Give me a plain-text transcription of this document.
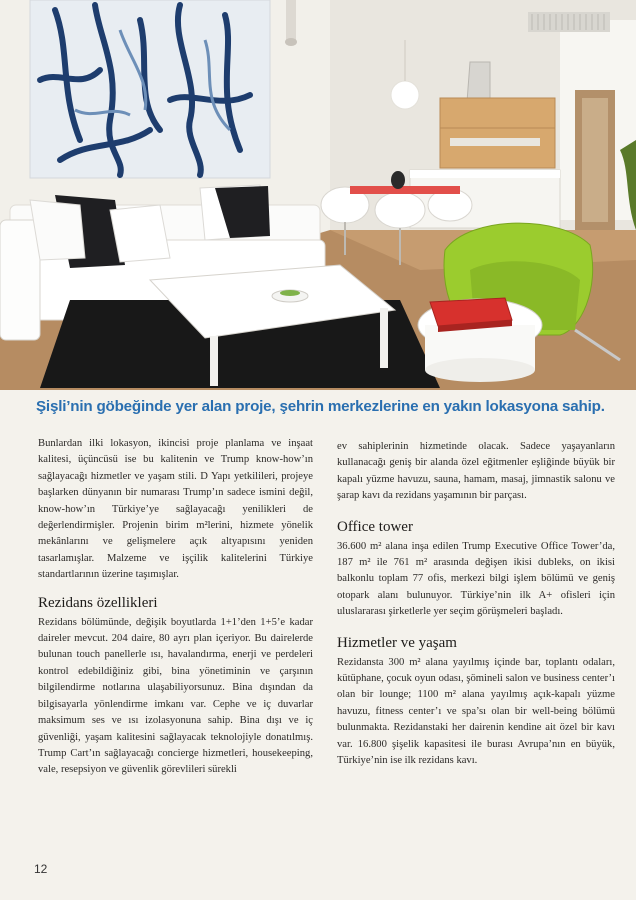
Şişli’nin göbeğinde yer alan proje, şehrin merkezlerine en yakın lokasyona sahip.

Bunlardan ilki lokasyon, ikincisi proje planlama ve inşaat kalitesi, üçüncüsü ise bu kalitenin ve Trump know-how’ın sağlayacağı hizmetler ve yaşam stili. D Yapı yetkilileri, projeye başlarken dünyanın bir numarası Trump’ın sadece ismini değil, know-how’ın Türkiye’ye sağlayacağı yenilikleri de değerlendirmişler. Projenin birim m²lerini, hizmete yönelik mekânlarını ve gelişmelere açık altyapısını yeniden tasarlamışlar. Malzeme ve işçilik kalitelerini Türkiye standartlarının üzerine taşımışlar.

Rezidans özellikleri

Rezidans bölümünde, değişik boyutlarda 1+1’den 1+5’e kadar daireler mevcut. 204 daire, 80 ayrı plan içeriyor. Bu dairelerde bulunan touch panellerle ısı, havalandırma, enerji ve perdeleri kontrol edebildiğiniz gibi, bina yönetiminin ve çarşının bilgilendirme notlarına ulaşabiliyorsunuz. Bina dışından da bilgisayarla yönlendirme imkanı var. Cephe ve iç duvarlar maksimum ses ve ısı izolasyonuna sahip. Bina dışı ve iç güvenliği, yaşam kalitesini sağlayacak teknolojiyle donatılmış. Trump Cart’ın sağlayacağı concierge hizmetleri, housekeeping, vale, resepsiyon ve güvenlik görevlileri sürekli

ev sahiplerinin hizmetinde olacak. Sadece yaşayanların kullanacağı geniş bir alanda özel eğitmenler eşliğinde büyük bir kapalı yüzme havuzu, sauna, hamam, masaj, jimnastik salonu ve şarap kavı da rezidans yaşamının bir parçası.

Office tower

36.600 m² alana inşa edilen Trump Executive Office Tower’da, 187 m² ile 761 m² arasında değişen ikisi dubleks, on ikisi balkonlu toplam 77 ofis, merkezi bilgi işlem bölümü ve geniş otopark alanı bulunuyor. Türkiye’nin ilk A+ ofisleri için uluslararası şirketlerle yer seçim görüşmeleri başladı.

Hizmetler ve yaşam

Rezidansta 300 m² alana yayılmış içinde bar, toplantı odaları, kütüphane, çocuk oyun odası, şömineli salon ve business center’ı olan bir lounge; 1100 m² alana yayılmış açık-kapalı yüzme havuzu, fitness center’ı ve spa’sı olan bir well-being bölümü bulunmakta. Rezidanstaki her dairenin kendine ait özel bir kavı var. 16.800 şişelik kapasitesi ile burası Avrupa’nın en büyük, Türkiye’nin ise ilk rezidans kavı.

12
